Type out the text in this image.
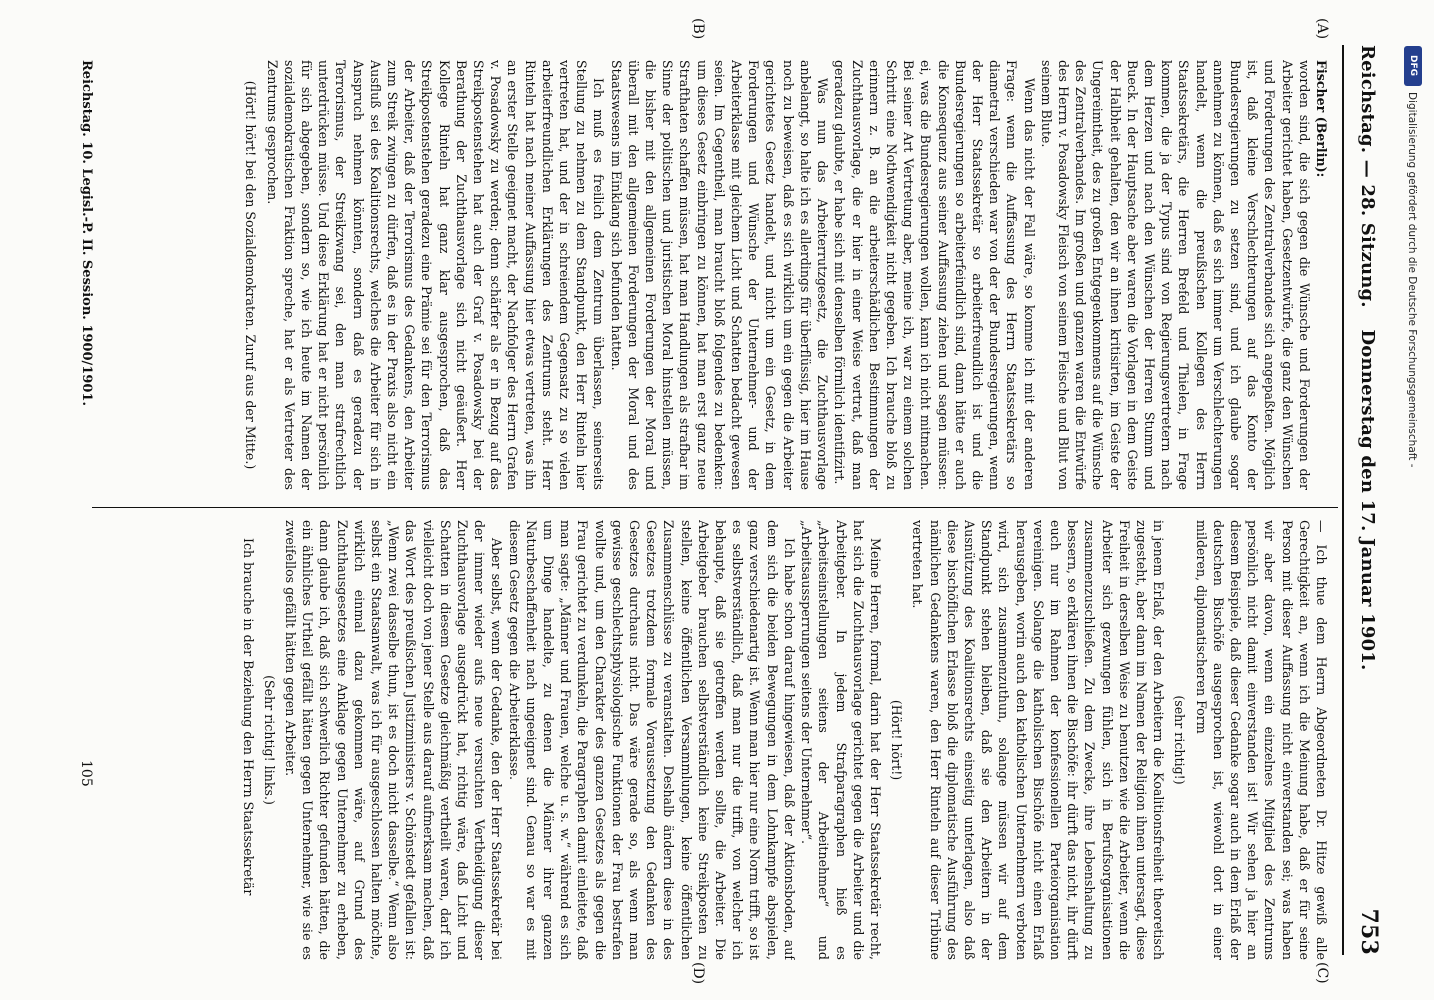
Reichstag. — 28. Sitzung.
Donnerstag den 17. Januar 1901.
753
(A)
(B)
(C)
(D)

Fischer (Berlin):

worden sind, die sich gegen die Wünsche und Forderungen der Arbeiter gerichtet haben, Gesetzentwürfe, die ganz den Wünschen und Forderungen des Zentralverbandes sich angepaßten. Möglich ist, daß kleine Verschlechterungen auf das Konto der Bundesregierungen zu setzen sind, und ich glaube sogar annehmen zu können, daß es sich immer um Verschlechterungen handelt, wenn die preußischen Kollegen des Herrn Staatssekretärs, die Herren Brefeld und Thielen, in Frage kommen, die ja der Typus sind von Regierungsvertretern nach dem Herzen und nach den Wünschen der Herren Stumm und Bueck. In der Hauptsache aber waren die Vorlagen in dem Geiste der Halbheit gehalten, den wir an ihnen kritisirten, im Geiste der Ungereimtheit, des zu großen Entgegenkommens auf die Wünsche des Zentralverbandes. Im großen und ganzen waren die Entwürfe des Herrn v. Posadowsky Fleisch von seinem Fleische und Blut von seinem Blute.

Wenn das nicht der Fall wäre, so komme ich mit der anderen Frage: wenn die Auffassung des Herrn Staatssekretärs so diametral verschieden war von der der Bundesregierungen, wenn der Herr Staatssekretär so arbeiterfreundlich ist und die Bundesregierungen so arbeiterfeindlich sind, dann hätte er auch die Konsequenz aus seiner Auffassung ziehen und sagen müssen: ei, was die Bundesregierungen wollen, kann ich nicht mitmachen. Bei seiner Art Vertretung aber, meine ich, war zu einem solchen Schritt eine Nothwendigkeit nicht gegeben. Ich brauche bloß zu erinnern z. B. an die arbeiterschädlichen Bestimmungen der Zuchthausvorlage, die er hier in einer Weise vertrat, daß man geradezu glaubte, er habe sich mit denselben förmlich identifizirt.

Was nun das Arbeiterrutzgesetz, die Zuchthausvorlage anbelangt, so halte ich es allerdings für überflüssig, hier im Hause noch zu beweisen, daß es sich wirklich um ein gegen die Arbeiter gerichtetes Gesetz handelt, und nicht um ein Gesetz, in dem Forderungen und Wünsche der Unternehmer- und der Arbeiterklasse mit gleichem Licht und Schatten bedacht gewesen seien. Im Gegentheil, man braucht bloß folgendes zu bedenken: um dieses Gesetz einbringen zu können, hat man erst ganz neue Strafthaten schaffen müssen, hat man Handlungen als strafbar im Sinne der politischen und juristischen Moral hinstellen müssen, die bisher mit den allgemeinen Forderungen der Moral und überall mit den allgemeinen Forderungen der Moral und des Staatswesens im Einklang sich befunden hatten.

Ich muß es freilich dem Zentrum überlassen, seinerseits Stellung zu nehmen zu dem Standpunkt, den Herr Rinteln hier vertreten hat, und der in schreiendem Gegensatz zu so vielen arbeiterfreundlichen Erklärungen des Zentrums steht. Herr Rinteln hat nach meiner Auffassung hier etwas vertreten, was ihn an erster Stelle geeignet macht, der Nachfolger des Herrn Grafen v. Posadowsky zu werden; denn schärfer als er in Bezug auf das Streikpostenstehen hat auch der Graf v. Posadowsky bei der Berathung der Zuchthausvorlage sich nicht geäußert. Herr Kollege Rinteln hat ganz klar ausgesprochen, daß das Streikpostenstehen geradezu eine Prämie sei für den Terrorismus der Arbeiter, daß der Terrorismus des Gedankens, den Arbeiter zum Streik zwingen zu dürfen, daß es in der Praxis also nicht ein Ausfluß sei des Koalitionsrechts, welches die Arbeiter für sich in Anspruch nehmen könnten, sondern daß es geradezu der Terrorismus, der Streikzwang sei, den man strafrechtlich unterdrücken müsse. Und diese Erklärung hat er nicht persönlich für sich abgegeben, sondern so, wie ich heute im Namen der sozialdemokratischen Fraktion spreche, hat er als Vertreter des Zentrums gesprochen.

(Hört! hört! bei den Sozialdemokraten. Zuruf aus der Mitte.)

— Ich thue dem Herrn Abgeordneten Dr. Hitze gewiß alle Gerechtigkeit an, wenn ich die Meinung habe, daß er für seine Person mit dieser Auffassung nicht einverstanden sei; was haben wir aber davon, wenn ein einzelnes Mitglied des Zentrums persönlich nicht damit einverstanden ist! Wir sehen ja hier an diesem Beispiele, daß dieser Gedanke sogar auch in dem Erlaß der deutschen Bischöfe ausgesprochen ist, wiewohl dort in einer milderen, diplomatischeren Form

(sehr richtig!)

in jenem Erlaß, der den Arbeitern die Koalitionsfreiheit theoretisch zugesteht, aber dann im Namen der Religion ihnen untersagt, diese Freiheit in derselben Weise zu benutzen wie die Arbeiter, wenn die Arbeiter sich gezwungen fühlen, sich in Berufsorganisationen zusammenzuschließen. Zu dem Zwecke, ihre Lebenshaltung zu bessern, so erklären ihnen die Bischöfe: ihr dürft das nicht, ihr dürft euch nur im Rahmen der konfessionellen Parteiorganisation vereinigen. Solange die katholischen Bischöfe nicht einen Erlaß herausgeben, worin auch den katholischen Unternehmern verboten wird, sich zusammenzuthun, solange müssen wir auf dem Standpunkt stehen bleiben, daß sie den Arbeitern in der Ausnützung des Koalitionsrechts einseitig unterlagen, also daß diese bischöflichen Erlasse bloß die diplomatische Ausführung des nämlichen Gedankens waren, den Herr Rinteln auf dieser Tribüne vertreten hat.

(Hört! hört!)

Meine Herren, formal, darin hat der Herr Staatssekretär recht, hat sich die Zuchthausvorlage gerichtet gegen die Arbeiter und die Arbeitgeber. In jedem Strafparagraphen hieß es „Arbeitseinstellungen seitens der Arbeitnehmer“ und „Arbeitsaussperrungen seitens der Unternehmer“.

Ich habe schon darauf hingewiesen, daß der Aktionsboden, auf dem sich die beiden Bewegungen in dem Lohnkampfe abspielen, ganz verschiedenartig ist. Wenn man hier nur eine Norm trifft, so ist es selbstverständlich, daß man nur die trifft, von welcher ich behaupte, daß sie getroffen werden sollte, die Arbeiter. Die Arbeitgeber brauchen selbstverständlich keine Streikposten zu stellen, keine öffentlichen Versammlungen, keine öffentlichen Zusammenschlüsse zu veranstalten. Deshalb ändern diese in des Gesetzes trotzdem formale Voraussetzung den Gedanken des Gesetzes durchaus nicht. Das wäre gerade so, als wenn man gewisse geschlechtsphysiologische Funktionen der Frau bestrafen wollte und, um den Charakter des ganzen Gesetzes als gegen die Frau gerichtet zu verdunkeln, die Paragraphen damit einleitete, daß man sagte: „Männer und Frauen, welche u. s. w.“ während es sich um Dinge handelte, zu denen die Männer ihrer ganzen Naturbeschaffenheit nach ungeeignet sind. Genau so war es mit diesem Gesetz gegen die Arbeiterklasse.

Aber selbst, wenn der Gedanke, den der Herr Staatssekretär bei der immer wieder aufs neue versuchten Vertheidigung dieser Zuchthausvorlage ausgedrückt hat, richtig wäre, daß Licht und Schatten in diesem Gesetze gleichmäßig vertheilt waren, darf ich vielleicht doch von jener Stelle aus darauf aufmerksam machen, daß das Wort des preußischen Justizministers v. Schönstedt gefallen ist: „Wenn zwei dasselbe thun, ist es doch nicht dasselbe.“ Wenn also selbst ein Staatsanwalt, was ich für ausgeschlossen halten möchte, wirklich einmal dazu gekommen wäre, auf Grund des Zuchthausgesetzes eine Anklage gegen Unternehmer zu erheben, dann glaube ich, daß sich schwerlich Richter gefunden hätten, die ein ähnliches Urtheil gefällt hätten gegen Unternehmer, wie sie es zweifellos gefällt hätten gegen Arbeiter.

(Sehr richtig! links.)

Ich brauche in der Beziehung den Herrn Staatssekretär

Reichstag. 10. Legisl.-P. II. Session. 1900/1901.
105
DFG
Digitalisierung gefördert durch die Deutsche Forschungsgemeinschaft -
